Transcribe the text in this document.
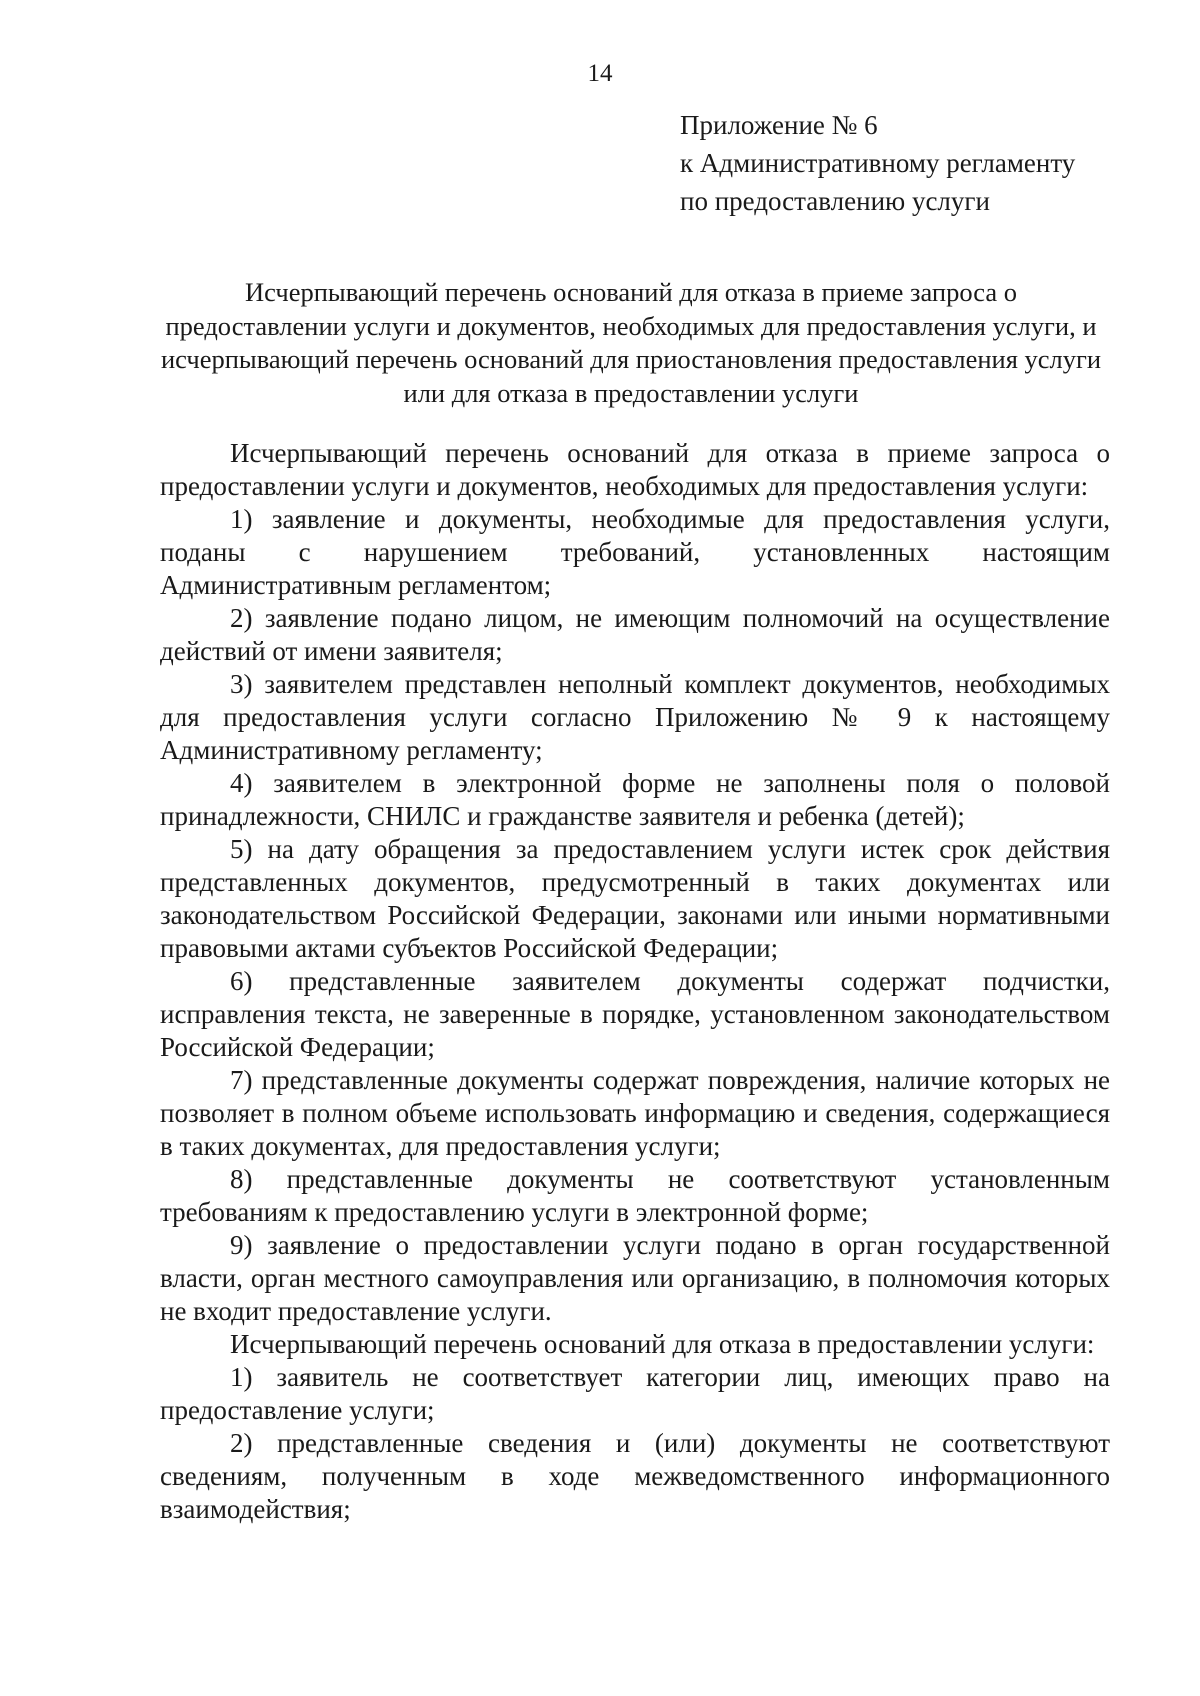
14
Приложение № 6
к Административному регламенту
по предоставлению услуги
Исчерпывающий перечень оснований для отказа в приеме запроса о предоставлении услуги и документов, необходимых для предоставления услуги, и исчерпывающий перечень оснований для приостановления предоставления услуги или для отказа в предоставлении услуги

Исчерпывающий перечень оснований для отказа в приеме запроса о предоставлении услуги и документов, необходимых для предоставления услуги:

1) заявление и документы, необходимые для предоставления услуги, поданы с нарушением требований, установленных настоящим Административным регламентом;

2) заявление подано лицом, не имеющим полномочий на осуществление действий от имени заявителя;

3) заявителем представлен неполный комплект документов, необходимых для предоставления услуги согласно Приложению № 9 к настоящему Административному регламенту;

4) заявителем в электронной форме не заполнены поля о половой принадлежности, СНИЛС и гражданстве заявителя и ребенка (детей);

5) на дату обращения за предоставлением услуги истек срок действия представленных документов, предусмотренный в таких документах или законодательством Российской Федерации, законами или иными нормативными правовыми актами субъектов Российской Федерации;

6) представленные заявителем документы содержат подчистки, исправления текста, не заверенные в порядке, установленном законодательством Российской Федерации;

7) представленные документы содержат повреждения, наличие которых не позволяет в полном объеме использовать информацию и сведения, содержащиеся в таких документах, для предоставления услуги;

8) представленные документы не соответствуют установленным требованиям к предоставлению услуги в электронной форме;

9) заявление о предоставлении услуги подано в орган государственной власти, орган местного самоуправления или организацию, в полномочия которых не входит предоставление услуги.

Исчерпывающий перечень оснований для отказа в предоставлении услуги:

1) заявитель не соответствует категории лиц, имеющих право на предоставление услуги;

2) представленные сведения и (или) документы не соответствуют сведениям, полученным в ходе межведомственного информационного взаимодействия;
